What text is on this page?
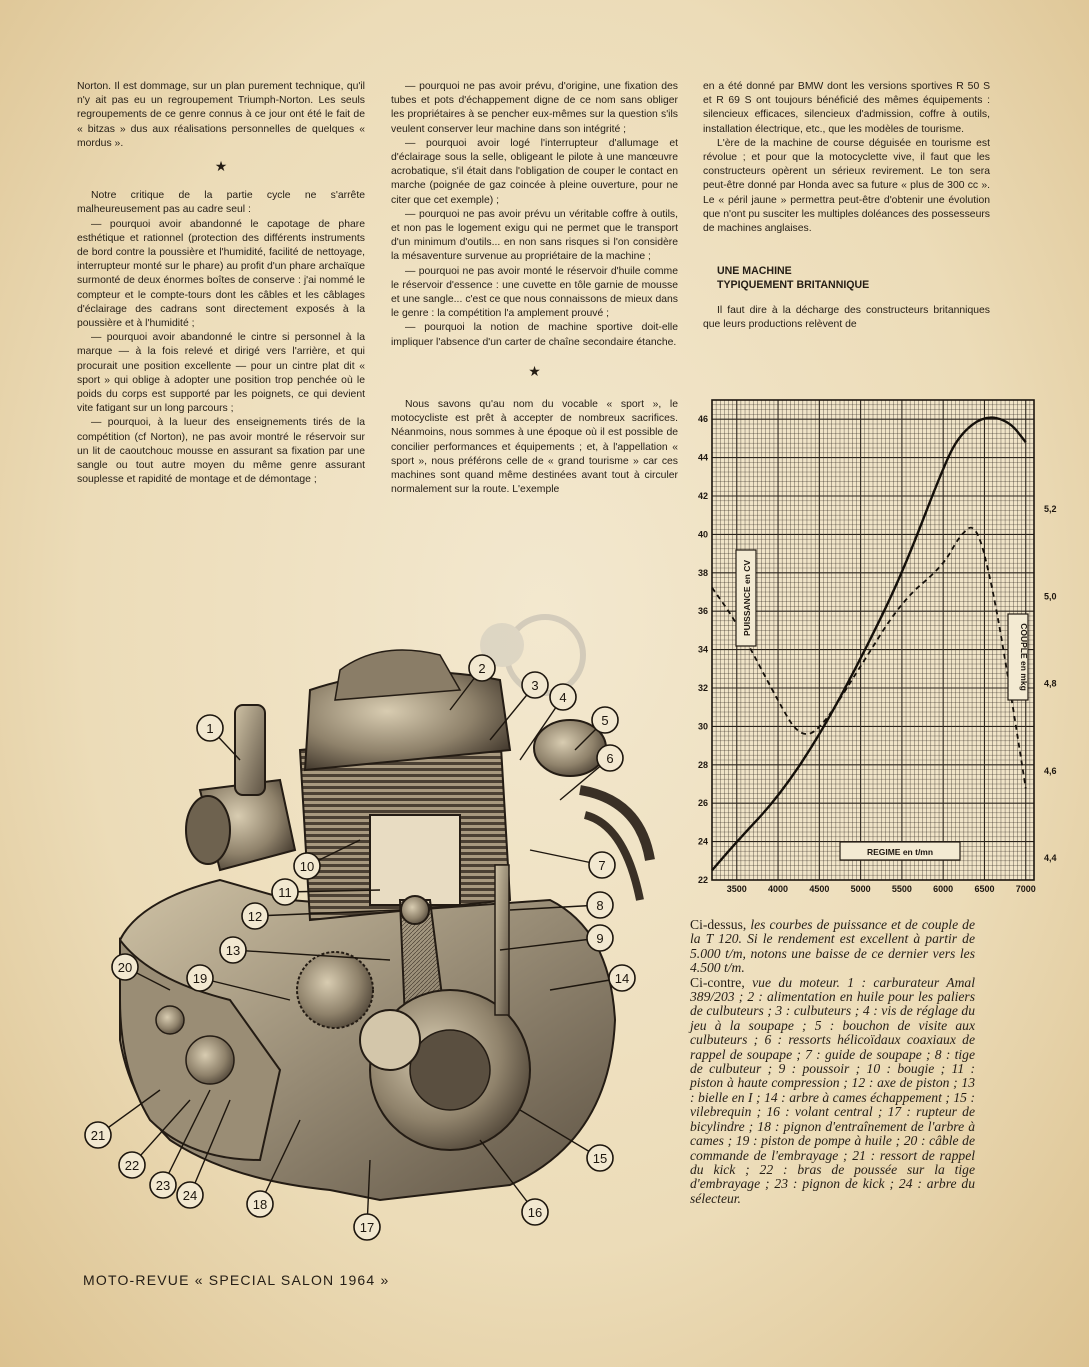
Norton. Il est dommage, sur un plan purement technique, qu'il n'y ait pas eu un regroupement Triumph-Norton. Les seuls regroupements de ce genre connus à ce jour ont été le fait de « bitzas » dus aux réalisations personnelles de quelques « mordus ».

★

Notre critique de la partie cycle ne s'arrête malheureusement pas au cadre seul :

— pourquoi avoir abandonné le capotage de phare esthétique et rationnel (protection des différents instruments de bord contre la poussière et l'humidité, facilité de nettoyage, interrupteur monté sur le phare) au profit d'un phare archaïque surmonté de deux énormes boîtes de conserve : j'ai nommé le compteur et le compte-tours dont les câbles et les câblages d'éclairage des cadrans sont directement exposés à la poussière et à l'humidité ;

— pourquoi avoir abandonné le cintre si personnel à la marque — à la fois relevé et dirigé vers l'arrière, et qui procurait une position excellente — pour un cintre plat dit « sport » qui oblige à adopter une position trop penchée où le poids du corps est supporté par les poignets, ce qui devient vite fatigant sur un long parcours ;

— pourquoi, à la lueur des enseignements tirés de la compétition (cf Norton), ne pas avoir montré le réservoir sur un lit de caoutchouc mousse en assurant sa fixation par une sangle ou tout autre moyen du même genre assurant souplesse et rapidité de montage et de démontage ;

— pourquoi ne pas avoir prévu, d'origine, une fixation des tubes et pots d'échappement digne de ce nom sans obliger les propriétaires à se pencher eux-mêmes sur la question s'ils veulent conserver leur machine dans son intégrité ;

— pourquoi avoir logé l'interrupteur d'allumage et d'éclairage sous la selle, obligeant le pilote à une manœuvre acrobatique, s'il était dans l'obligation de couper le contact en marche (poignée de gaz coincée à pleine ouverture, pour ne citer que cet exemple) ;

— pourquoi ne pas avoir prévu un véritable coffre à outils, et non pas le logement exigu qui ne permet que le transport d'un minimum d'outils... en non sans risques si l'on considère la mésaventure survenue au propriétaire de la machine ;

— pourquoi ne pas avoir monté le réservoir d'huile comme le réservoir d'essence : une cuvette en tôle garnie de mousse et une sangle... c'est ce que nous connaissons de mieux dans le genre : la compétition l'a amplement prouvé ;

— pourquoi la notion de machine sportive doit-elle impliquer l'absence d'un carter de chaîne secondaire étanche.

★

Nous savons qu'au nom du vocable « sport », le motocycliste est prêt à accepter de nombreux sacrifices. Néanmoins, nous sommes à une époque où il est possible de concilier performances et équipements ; et, à l'appellation « sport », nous préférons celle de « grand tourisme » car ces machines sont quand même destinées avant tout à circuler normalement sur la route. L'exemple

en a été donné par BMW dont les versions sportives R 50 S et R 69 S ont toujours bénéficié des mêmes équipements : silencieux efficaces, silencieux d'admission, coffre à outils, installation électrique, etc., que les modèles de tourisme.

L'ère de la machine de course déguisée en tourisme est révolue ; et pour que la motocyclette vive, il faut que les constructeurs opèrent un sérieux revirement. Le ton sera peut-être donné par Honda avec sa future « plus de 300 cc ». Le « péril jaune » permettra peut-être d'obtenir une évolution que n'ont pu susciter les multiples doléances des possesseurs de machines anglaises.

UNE MACHINE

TYPIQUEMENT BRITANNIQUE

Il faut dire à la décharge des constructeurs britanniques que leurs productions relèvent de

22
24
26
28
30
32
34
36
38
40
42
44
46
4,4
4,6
4,8
5,0
5,2
3500 4000 4500 5000 5500 6000 6500 7000
PUISSANCE en CV
COUPLE en mkg
REGIME en t/mn

Ci-dessus, les courbes de puissance et de couple de la T 120. Si le rendement est excellent à partir de 5.000 t/m, notons une baisse de ce dernier vers les 4.500 t/m.

Ci-contre, vue du moteur. 1 : carburateur Amal 389/203 ; 2 : alimentation en huile pour les paliers de culbuteurs ; 3 : culbuteurs ; 4 : vis de réglage du jeu à la soupape ; 5 : bouchon de visite aux culbuteurs ; 6 : ressorts hélicoïdaux coaxiaux de rappel de soupape ; 7 : guide de soupape ; 8 : tige de culbuteur ; 9 : poussoir ; 10 : bougie ; 11 : piston à haute compression ; 12 : axe de piston ; 13 : bielle en I ; 14 : arbre à cames échappement ; 15 : vilebrequin ; 16 : volant central ; 17 : rupteur de bicylindre ; 18 : pignon d'entraînement de l'arbre à cames ; 19 : piston de pompe à huile ; 20 : câble de commande de l'embrayage ; 21 : ressort de rappel du kick ; 22 : bras de poussée sur la tige d'embrayage ; 23 : pignon de kick ; 24 : arbre du sélecteur.

1
2
3
4
5
6
7
8
9
10
11
12
13
14
15
16
17
18
19
20
21
22
23
24
MOTO-REVUE « SPECIAL SALON 1964 »
